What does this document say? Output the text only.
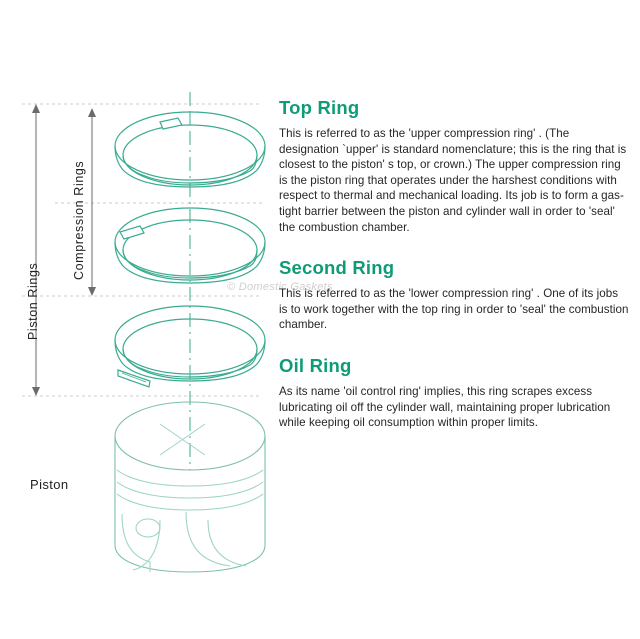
Piston Rings
Compression Rings
Piston
© Domestic Gaskets
Top Ring

This is referred to as the 'upper compression ring' . (The designation `upper' is standard nomenclature; this is the ring that is closest to the piston' s top, or crown.) The upper compression ring is the piston ring that operates under the harshest conditions with respect to thermal and mechanical loading. Its job is to form a gas-tight barrier between the piston and cylinder wall in order to 'seal' the combustion chamber.

Second Ring

This is referred to as the 'lower compression ring' . One of its jobs is to work together with the top ring in order to 'seal' the combustion chamber.

Oil Ring

As its name 'oil control ring' implies, this ring scrapes excess lubricating oil off the cylinder wall, maintaining proper lubrication while keeping oil consumption within proper limits.
